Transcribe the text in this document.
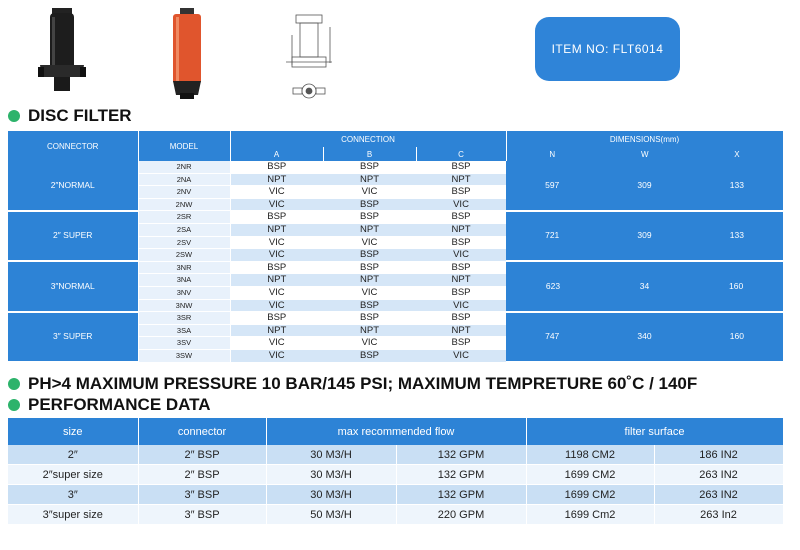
ITEM NO: FLT6014
DISC FILTER
CONNECTOR	MODEL	CONNECTION			DIMENSIONS(mm)
		A	B	C	N W X

2″NORMAL	2NR	BSP	BSP	BSP	597 309 133

	2NA	NPT	NPT	NPT	
	2NV	VIC	VIC	BSP	
	2NW	VIC	BSP	VIC	
2″ SUPER	2SR	BSP	BSP	BSP	721 309 133

	2SA	NPT	NPT	NPT	
	2SV	VIC	VIC	BSP	
	2SW	VIC	BSP	VIC	
3″NORMAL	3NR	BSP	BSP	BSP	623 34 160

	3NA	NPT	NPT	NPT	
	3NV	VIC	VIC	BSP	
	3NW	VIC	BSP	VIC	
3″ SUPER	3SR	BSP	BSP	BSP	747 340 160

	3SA	NPT	NPT	NPT	
	3SV	VIC	VIC	BSP	
	3SW	VIC	BSP	VIC	
PH>4 MAXIMUM PRESSURE 10 BAR/145 PSI; MAXIMUM TEMPRETURE 60˚C / 140F
PERFORMANCE DATA
size	connector	max recommended flow		filter surface	
2″	2″ BSP	30 M3/H	132 GPM	1198 CM2	186 IN2
2″super size	2″ BSP	30 M3/H	132 GPM	1699 CM2	263 IN2
3″	3″ BSP	30 M3/H	132 GPM	1699 CM2	263 IN2
3″super size	3″ BSP	50 M3/H	220 GPM	1699 Cm2	263 In2
